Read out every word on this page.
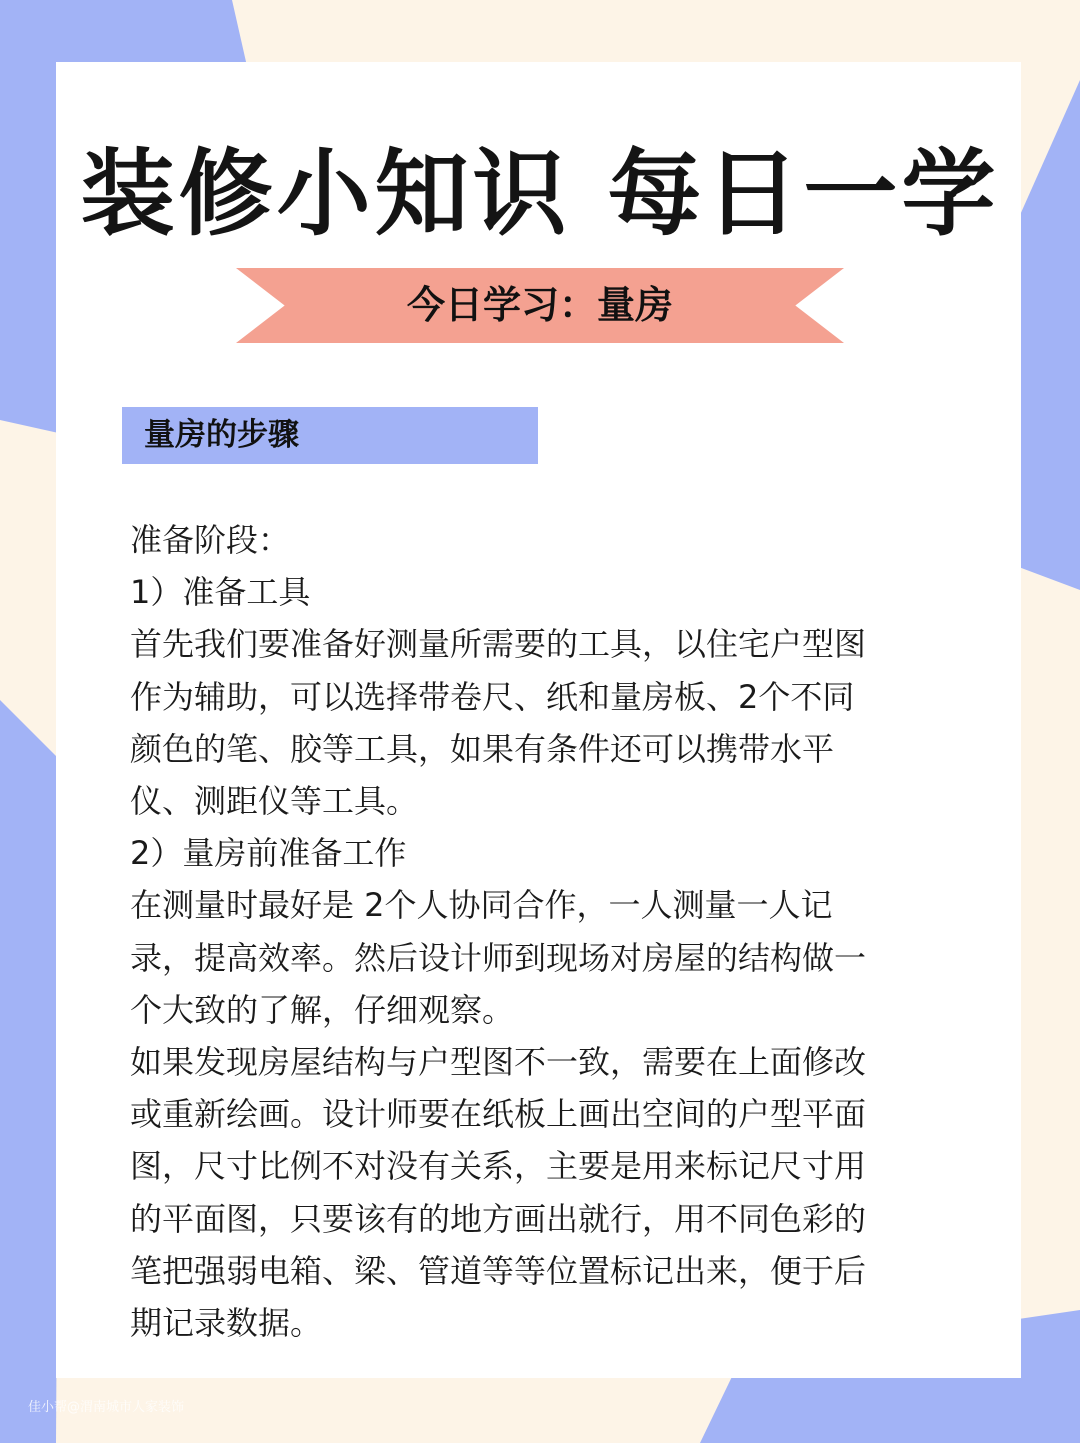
装修小知识 每日一学
今日学习：量房
量房的步骤

准备阶段：

1）准备工具

首先我们要准备好测量所需要的工具，以住宅户型图

作为辅助，可以选择带卷尺、纸和量房板、2个不同

颜色的笔、胶等工具，如果有条件还可以携带水平

仪、测距仪等工具。

2）量房前准备工作

在测量时最好是 2个人协同合作，一人测量一人记

录，提高效率。然后设计师到现场对房屋的结构做一

个大致的了解，仔细观察。

如果发现房屋结构与户型图不一致，需要在上面修改

或重新绘画。设计师要在纸板上画出空间的户型平面

图，尺寸比例不对没有关系，主要是用来标记尺寸用

的平面图，只要该有的地方画出就行，用不同色彩的

笔把强弱电箱、梁、管道等等位置标记出来，便于后

期记录数据。

佳小帮@渭南城市人家装饰
